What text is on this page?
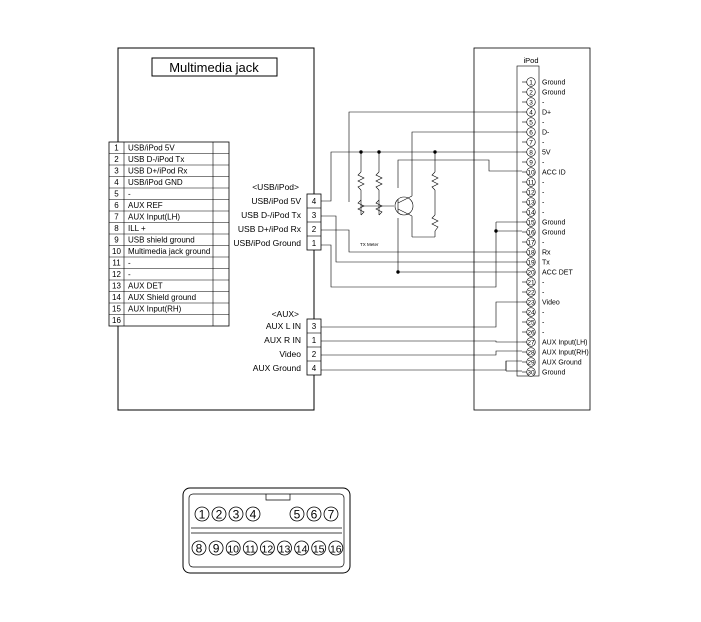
Multimedia jack
1 USB/iPod 5V
2 USB D-/iPod Tx
3 USB D+/iPod Rx
4 USB/iPod GND
5 -
6 AUX REF
7 AUX Input(LH)
8 ILL +
9 USB shield ground
10 Multimedia jack ground
11 -
12 -
13 AUX DET
14 AUX Shield ground
15 AUX Input(RH)
16
<USB/iPod>
4
USB/iPod 5V
3
USB D-/iPod Tx
2
USB D+/iPod Rx
1
USB/iPod Ground
<AUX>
3
AUX L IN
1
AUX R IN
2
Video
4
AUX Ground
iPod
1 Ground
2 Ground
3 -
4 D+
5 -
6 D-
7 -
8 5V
9 -
10 ACC ID
11 -
12 -
13 -
14 -
15 Ground
16 Ground
17 -
18 Rx
19 Tx
20 ACC DET
21 -
22 -
23 Video
24 -
25 -
26 -
27 AUX Input(LH)
28 AUX Input(RH)
29 AUX Ground
30 Ground
TX Meter
1 2 3 4	5 6 7
8 9 10 11 12 13 14 15 16
